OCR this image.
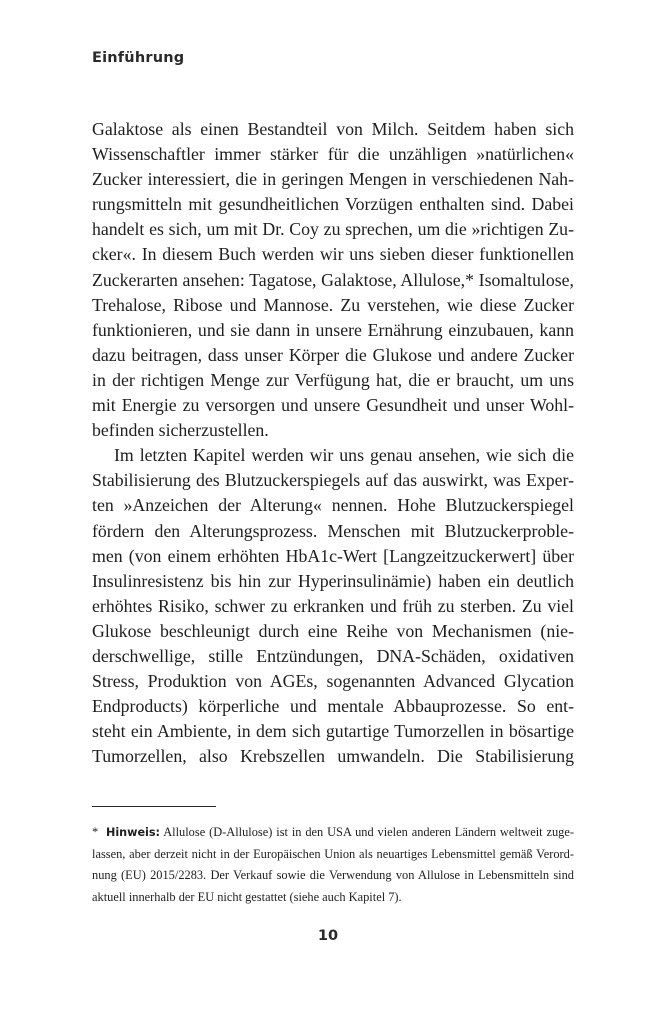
Einführung
Galaktose als einen Bestandteil von Milch. Seitdem haben sich
Wissenschaftler immer stärker für die unzähligen »natürlichen«
Zucker interessiert, die in geringen Mengen in verschiedenen Nah-
rungsmitteln mit gesundheitlichen Vorzügen enthalten sind. Dabei
handelt es sich, um mit Dr. Coy zu sprechen, um die »richtigen Zu-
cker«. In diesem Buch werden wir uns sieben dieser funktionellen
Zuckerarten ansehen: Tagatose, Galaktose, Allulose,* Isomaltulose,
Trehalose, Ribose und Mannose. Zu verstehen, wie diese Zucker
funktionieren, und sie dann in unsere Ernährung einzubauen, kann
dazu beitragen, dass unser Körper die Glukose und andere Zucker
in der richtigen Menge zur Verfügung hat, die er braucht, um uns
mit Energie zu versorgen und unsere Gesundheit und unser Wohl-
befinden sicherzustellen.
Im letzten Kapitel werden wir uns genau ansehen, wie sich die
Stabilisierung des Blutzuckerspiegels auf das auswirkt, was Exper-
ten »Anzeichen der Alterung« nennen. Hohe Blutzuckerspiegel
fördern den Alterungsprozess. Menschen mit Blutzuckerproble-
men (von einem erhöhten HbA1c-Wert [Langzeitzuckerwert] über
Insulinresistenz bis hin zur Hyperinsulinämie) haben ein deutlich
erhöhtes Risiko, schwer zu erkranken und früh zu sterben. Zu viel
Glukose beschleunigt durch eine Reihe von Mechanismen (nie-
derschwellige, stille Entzündungen, DNA-Schäden, oxidativen
Stress, Produktion von AGEs, sogenannten Advanced Glycation
Endproducts) körperliche und mentale Abbauprozesse. So ent-
steht ein Ambiente, in dem sich gutartige Tumorzellen in bösartige
Tumorzellen, also Krebszellen umwandeln. Die Stabilisierung
* Hinweis: Allulose (D-Allulose) ist in den USA und vielen anderen Ländern weltweit zuge-
lassen, aber derzeit nicht in der Europäischen Union als neuartiges Lebensmittel gemäß Verord-
nung (EU) 2015/2283. Der Verkauf sowie die Verwendung von Allulose in Lebensmitteln sind
aktuell innerhalb der EU nicht gestattet (siehe auch Kapitel 7).
10
